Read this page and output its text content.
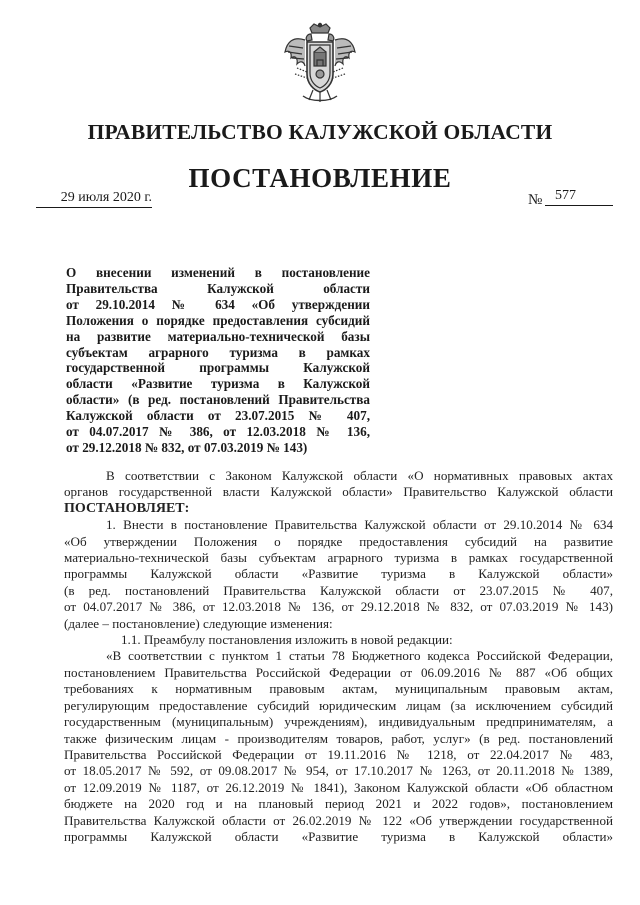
ПРАВИТЕЛЬСТВО КАЛУЖСКОЙ ОБЛАСТИ
ПОСТАНОВЛЕНИЕ
29 июля 2020 г.	№ 577

О внесении изменений в постановление
Правительства Калужской области
от 29.10.2014 № 634 «Об утверждении
Положения о порядке предоставления субсидий
на развитие материально-технической базы
субъектам аграрного туризма в рамках
государственной программы Калужской
области «Развитие туризма в Калужской
области» (в ред. постановлений Правительства
Калужской области от 23.07.2015 № 407,
от 04.07.2017 № 386, от 12.03.2018 № 136,
от 29.12.2018 № 832, от 07.03.2019 № 143)

В соответствии с Законом Калужской области «О нормативных правовых актах
органов государственной власти Калужской области» Правительство Калужской области
ПОСТАНОВЛЯЕТ:
1. Внести в постановление Правительства Калужской области от 29.10.2014 № 634
«Об утверждении Положения о порядке предоставления субсидий на развитие
материально-технической базы субъектам аграрного туризма в рамках государственной
программы Калужской области «Развитие туризма в Калужской области»
(в ред. постановлений Правительства Калужской области от 23.07.2015 № 407,
от 04.07.2017 № 386, от 12.03.2018 № 136, от 29.12.2018 № 832, от 07.03.2019 № 143)
(далее – постановление) следующие изменения:
1.1. Преамбулу постановления изложить в новой редакции:
«В соответствии с пунктом 1 статьи 78 Бюджетного кодекса Российской Федерации,
постановлением Правительства Российской Федерации от 06.09.2016 № 887 «Об общих
требованиях к нормативным правовым актам, муниципальным правовым актам,
регулирующим предоставление субсидий юридическим лицам (за исключением субсидий
государственным (муниципальным) учреждениям), индивидуальным предпринимателям, а
также физическим лицам - производителям товаров, работ, услуг» (в ред. постановлений
Правительства Российской Федерации от 19.11.2016 № 1218, от 22.04.2017 № 483,
от 18.05.2017 № 592, от 09.08.2017 № 954, от 17.10.2017 № 1263, от 20.11.2018 № 1389,
от 12.09.2019 № 1187, от 26.12.2019 № 1841), Законом Калужской области «Об областном
бюджете на 2020 год и на плановый период 2021 и 2022 годов», постановлением
Правительства Калужской области от 26.02.2019 № 122 «Об утверждении государственной
программы Калужской области «Развитие туризма в Калужской области»
